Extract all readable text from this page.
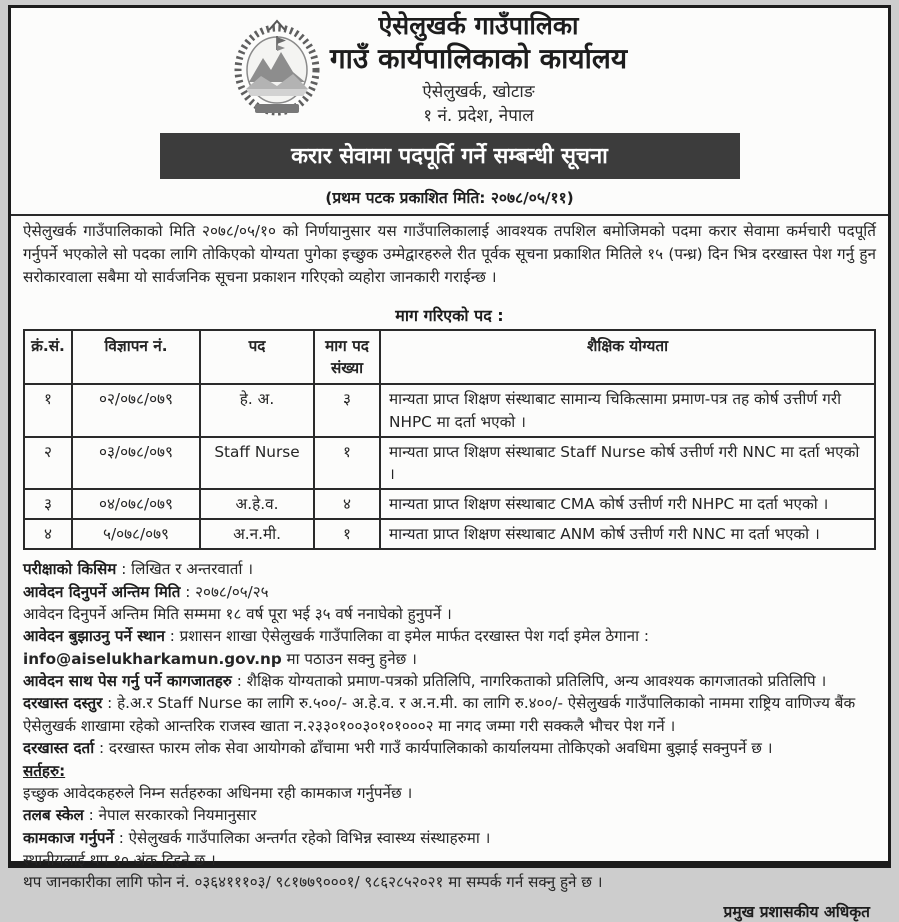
ऐसेलुखर्क गाउँपालिका
गाउँ कार्यपालिकाको कार्यालय
ऐसेलुखर्क, खोटाङ
१ नं. प्रदेश, नेपाल
करार सेवामा पदपूर्ति गर्ने सम्बन्धी सूचना
(प्रथम पटक प्रकाशित मिति: २०७८/०५/११)

ऐसेलुखर्क गाउँपालिकाको मिति २०७८/०५/१० को निर्णयानुसार यस गाउँपालिकालाई आवश्यक तपशिल बमोजिमको पदमा करार सेवामा कर्मचारी पदपूर्ति गर्नुपर्ने भएकोले सो पदका लागि तोकिएको योग्यता पुगेका इच्छुक उम्मेद्वारहरुले रीत पूर्वक सूचना प्रकाशित मितिले १५ (पन्ध्र) दिन भित्र दरखास्त पेश गर्नु हुन सरोकारवाला सबैमा यो सार्वजनिक सूचना प्रकाशन गरिएको व्यहोरा जानकारी गराईन्छ ।

माग गरिएको पद :
क्रं.सं.	विज्ञापन नं.	पद	माग पद संख्या	शैक्षिक योग्यता
१	०२/०७८/०७९	हे. अ.	३	मान्यता प्राप्त शिक्षण संस्थाबाट सामान्य चिकित्सामा प्रमाण-पत्र तह कोर्ष उत्तीर्ण गरी NHPC मा दर्ता भएको ।
२	०३/०७८/०७९	Staff Nurse	१	मान्यता प्राप्त शिक्षण संस्थाबाट Staff Nurse कोर्ष उत्तीर्ण गरी NNC मा दर्ता भएको ।
३	०४/०७८/०७९	अ.हे.व.	४	मान्यता प्राप्त शिक्षण संस्थाबाट CMA कोर्ष उत्तीर्ण गरी NHPC मा दर्ता भएको ।
४	५/०७८/०७९	अ.न.मी.	१	मान्यता प्राप्त शिक्षण संस्थाबाट ANM कोर्ष उत्तीर्ण गरी NNC मा दर्ता भएको ।
परीक्षाको किसिम : लिखित र अन्तरवार्ता ।
आवेदन दिनुपर्ने अन्तिम मिति : २०७८/०५/२५
आवेदन दिनुपर्ने अन्तिम मिति सम्ममा १८ वर्ष पूरा भई ३५ वर्ष ननाघेको हुनुपर्ने ।
आवेदन बुझाउनु पर्ने स्थान : प्रशासन शाखा ऐसेलुखर्क गाउँपालिका वा इमेल मार्फत दरखास्त पेश गर्दा इमेल ठेगाना : info@aiselukharkamun.gov.np मा पठाउन सक्नु हुनेछ ।
आवेदन साथ पेस गर्नु पर्ने कागजातहरु : शैक्षिक योग्यताको प्रमाण-पत्रको प्रतिलिपि, नागरिकताको प्रतिलिपि, अन्य आवश्यक कागजातको प्रतिलिपि ।
दरखास्त दस्तुर : हे.अ.र Staff Nurse का लागि रु.५००/- अ.हे.व. र अ.न.मी. का लागि रु.४००/- ऐसेलुखर्क गाउँपालिकाको नाममा राष्ट्रिय वाणिज्य बैंक ऐसेलुखर्क शाखामा रहेको आन्तरिक राजस्व खाता न.२३३०१००३०१०१०००२ मा नगद जम्मा गरी सक्कलै भौचर पेश गर्ने ।
दरखास्त दर्ता : दरखास्त फारम लोक सेवा आयोगको ढाँचामा भरी गाउँ कार्यपालिकाको कार्यालयमा तोकिएको अवधिमा बुझाई सक्नुपर्ने छ ।
सर्तहरु:
इच्छुक आवेदकहरुले निम्न सर्तहरुका अधिनमा रही कामकाज गर्नुपर्नेछ ।
तलब स्केल : नेपाल सरकारको नियमानुसार
कामकाज गर्नुपर्ने : ऐसेलुखर्क गाउँपालिका अन्तर्गत रहेको विभिन्न स्वास्थ्य संस्थाहरुमा ।
स्थानीयलाई थप १० अंक दिइने छ ।
थप जानकारीका लागि फोन नं. ०३६४१११०३/ ९८१७७९०००१/ ९८६२८५२०२१ मा सम्पर्क गर्न सक्नु हुने छ ।
प्रमुख प्रशासकीय अधिकृत
